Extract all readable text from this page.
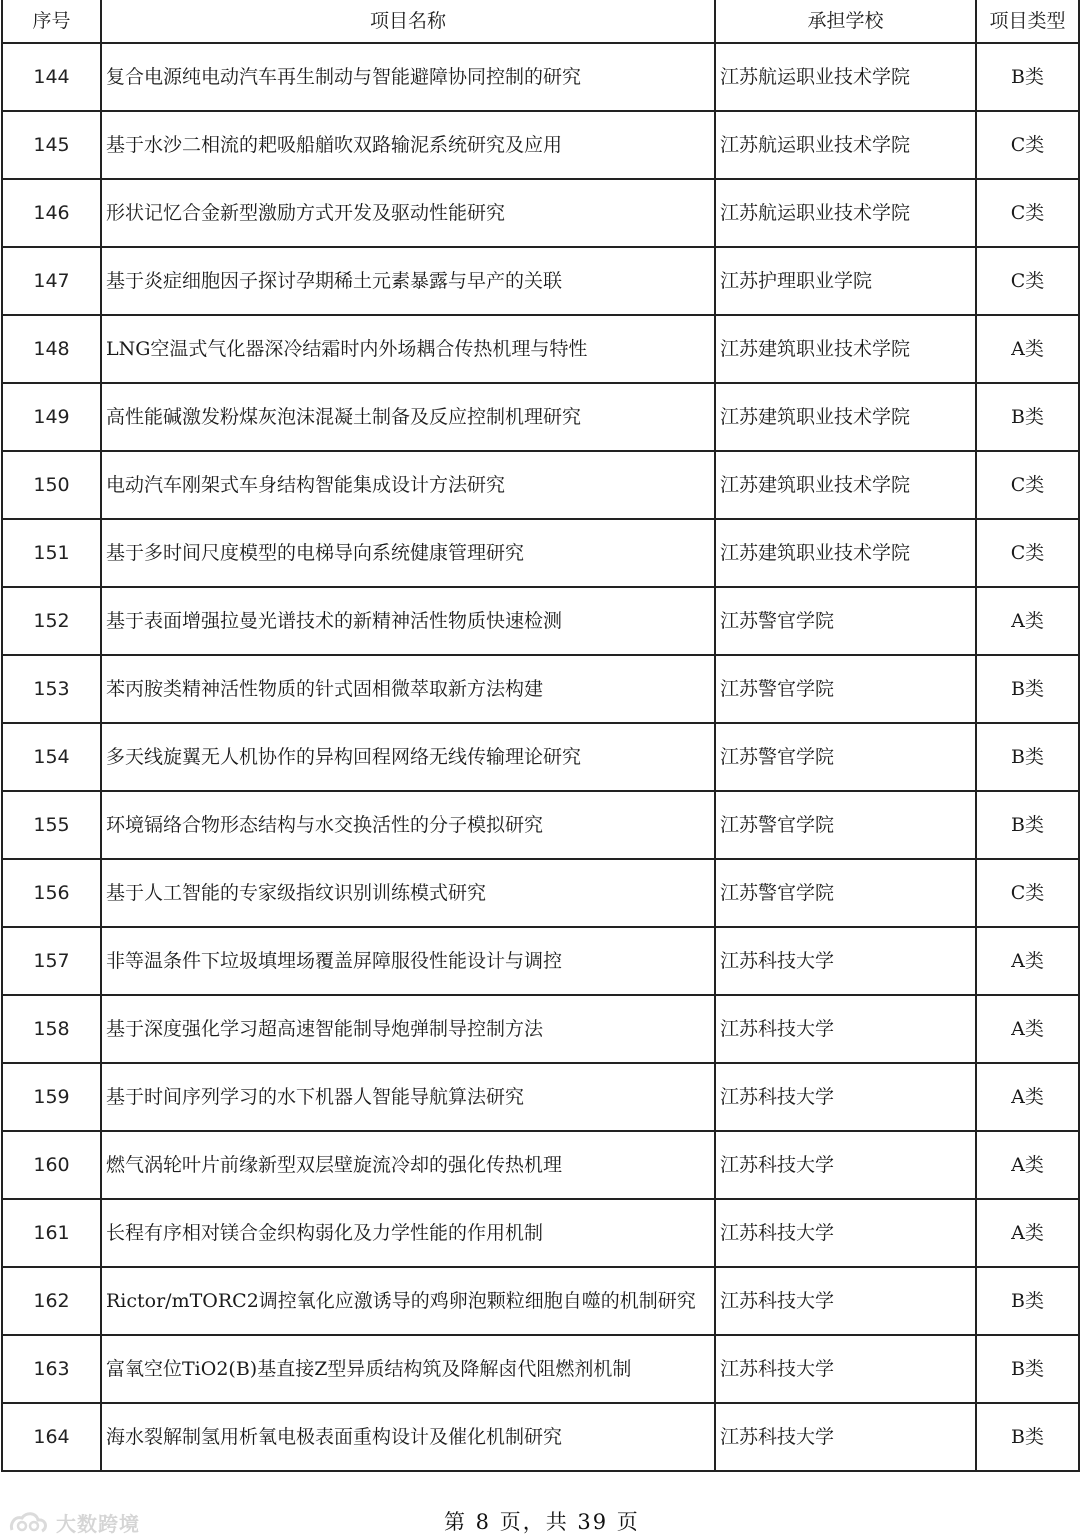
序号	项目名称	承担学校	项目类型
144	复合电源纯电动汽车再生制动与智能避障协同控制的研究	江苏航运职业技术学院	B类
145	基于水沙二相流的耙吸船艏吹双路输泥系统研究及应用	江苏航运职业技术学院	C类
146	形状记忆合金新型激励方式开发及驱动性能研究	江苏航运职业技术学院	C类
147	基于炎症细胞因子探讨孕期稀土元素暴露与早产的关联	江苏护理职业学院	C类
148	LNG空温式气化器深冷结霜时内外场耦合传热机理与特性	江苏建筑职业技术学院	A类
149	高性能碱激发粉煤灰泡沫混凝土制备及反应控制机理研究	江苏建筑职业技术学院	B类
150	电动汽车刚架式车身结构智能集成设计方法研究	江苏建筑职业技术学院	C类
151	基于多时间尺度模型的电梯导向系统健康管理研究	江苏建筑职业技术学院	C类
152	基于表面增强拉曼光谱技术的新精神活性物质快速检测	江苏警官学院	A类
153	苯丙胺类精神活性物质的针式固相微萃取新方法构建	江苏警官学院	B类
154	多天线旋翼无人机协作的异构回程网络无线传输理论研究	江苏警官学院	B类
155	环境镉络合物形态结构与水交换活性的分子模拟研究	江苏警官学院	B类
156	基于人工智能的专家级指纹识别训练模式研究	江苏警官学院	C类
157	非等温条件下垃圾填埋场覆盖屏障服役性能设计与调控	江苏科技大学	A类
158	基于深度强化学习超高速智能制导炮弹制导控制方法	江苏科技大学	A类
159	基于时间序列学习的水下机器人智能导航算法研究	江苏科技大学	A类
160	燃气涡轮叶片前缘新型双层壁旋流冷却的强化传热机理	江苏科技大学	A类
161	长程有序相对镁合金织构弱化及力学性能的作用机制	江苏科技大学	A类
162	Rictor/mTORC2调控氧化应激诱导的鸡卵泡颗粒细胞自噬的机制研究	江苏科技大学	B类
163	富氧空位TiO2(B)基直接Z型异质结构筑及降解卤代阻燃剂机制	江苏科技大学	B类
164	海水裂解制氢用析氧电极表面重构设计及催化机制研究	江苏科技大学	B类
大数跨境	第 8 页，共 39 页
